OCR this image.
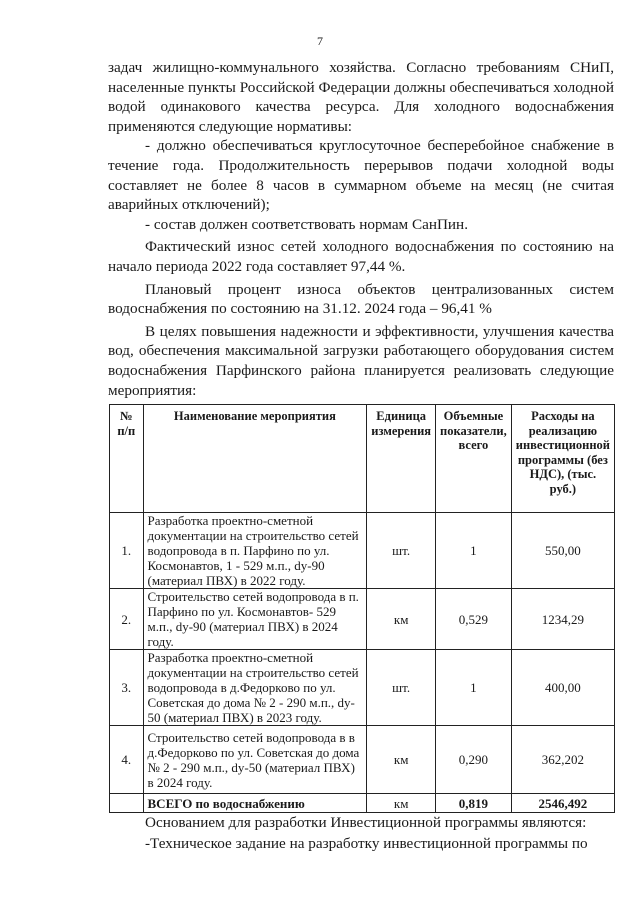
7

задач жилищно-коммунального хозяйства. Согласно требованиям СНиП, населенные пункты Российской Федерации должны обеспечиваться холодной водой одинакового качества ресурса. Для холодного водоснабжения применяются следующие нормативы:

- должно обеспечиваться круглосуточное бесперебойное снабжение в течение года. Продолжительность перерывов подачи холодной воды составляет не более 8 часов в суммарном объеме на месяц (не считая аварийных отключений);

- состав должен соответствовать нормам СанПин.

Фактический износ сетей холодного водоснабжения по состоянию на начало периода 2022 года составляет 97,44 %.

Плановый процент износа объектов централизованных систем водоснабжения по состоянию на 31.12. 2024 года – 96,41 %

В целях повышения надежности и эффективности, улучшения качества вод, обеспечения максимальной загрузки работающего оборудования систем водоснабжения Парфинского района планируется реализовать следующие мероприятия:

№ п/п	Наименование мероприятия	Единица измерения	Объемные показатели, всего	Расходы на реализацию инвестиционной программы (без НДС), (тыс. руб.)
1.	Разработка проектно-сметной документации на строительство сетей водопровода в п. Парфино по ул. Космонавтов, 1 - 529 м.п., dy-90 (материал ПВХ) в 2022 году.	шт.	1	550,00
2.	Строительство сетей водопровода в п. Парфино по ул. Космонавтов- 529 м.п., dy-90 (материал ПВХ) в 2024 году.	км	0,529	1234,29
3.	Разработка проектно-сметной документации на строительство сетей водопровода в д.Федорково по ул. Советская до дома № 2 - 290 м.п., dy-50 (материал ПВХ) в 2023 году.	шт.	1	400,00
4.	Строительство сетей водопровода в в д.Федорково по ул. Советская до дома № 2 - 290 м.п., dy-50 (материал ПВХ) в 2024 году.	км	0,290	362,202
	ВСЕГО по водоснабжению	км	0,819	2546,492

Основанием для разработки Инвестиционной программы являются:

-Техническое задание на разработку инвестиционной программы по
